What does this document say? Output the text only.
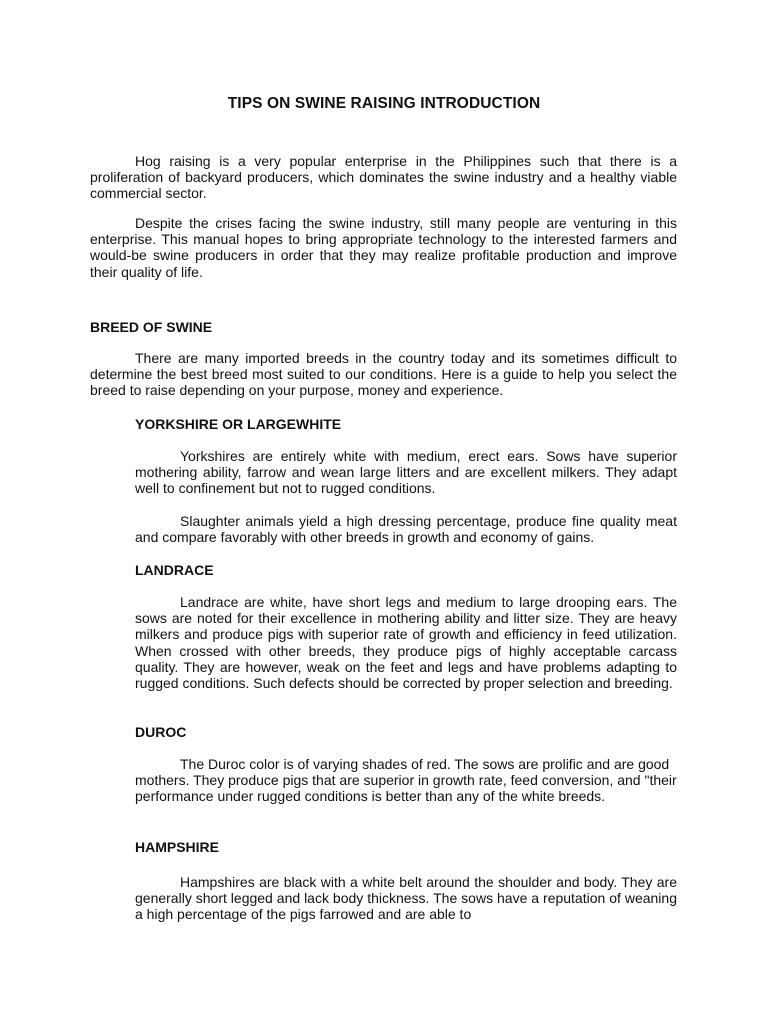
TIPS ON SWINE RAISING INTRODUCTION

Hog raising is a very popular enterprise in the Philippines such that there is a proliferation of backyard producers, which dominates the swine industry and a healthy viable commercial sector.

Despite the crises facing the swine industry, still many people are venturing in this enterprise. This manual hopes to bring appropriate technology to the interested farmers and would-be swine producers in order that they may realize profitable production and improve their quality of life.

BREED OF SWINE

There are many imported breeds in the country today and its sometimes difficult to determine the best breed most suited to our conditions. Here is a guide to help you select the breed to raise depending on your purpose, money and experience.

YORKSHIRE OR LARGEWHITE

Yorkshires are entirely white with medium, erect ears. Sows have superior mothering ability, farrow and wean large litters and are excellent milkers. They adapt well to confinement but not to rugged conditions.

Slaughter animals yield a high dressing percentage, produce fine quality meat and compare favorably with other breeds in growth and economy of gains.

LANDRACE

Landrace are white, have short legs and medium to large drooping ears. The sows are noted for their excellence in mothering ability and litter size. They are heavy milkers and produce pigs with superior rate of growth and efficiency in feed utilization. When crossed with other breeds, they produce pigs of highly acceptable carcass quality. They are however, weak on the feet and legs and have problems adapting to rugged conditions. Such defects should be corrected by proper selection and breeding.

DUROC

The Duroc color is of varying shades of red. The sows are prolific and are good mothers. They produce pigs that are superior in growth rate, feed conversion, and "their performance under rugged conditions is better than any of the white breeds.

HAMPSHIRE

Hampshires are black with a white belt around the shoulder and body. They are generally short legged and lack body thickness. The sows have a reputation of weaning a high percentage of the pigs farrowed and are able to
